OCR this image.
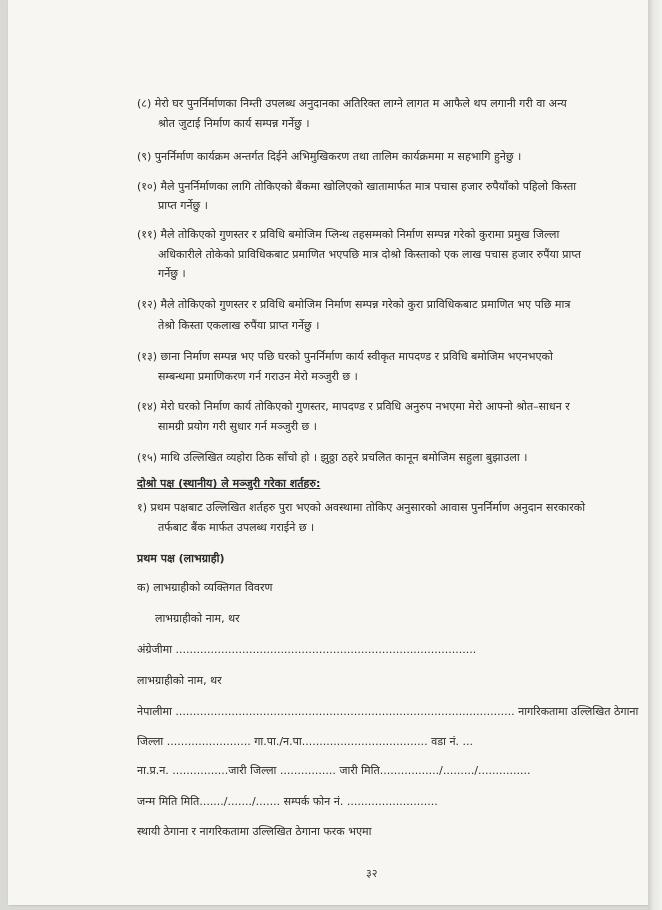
(८) मेरो घर पुनर्निर्माणका निम्ती उपलब्ध अनुदानका अतिरिक्त लाग्ने लागत म आफैले थप लगानी गरी वा अन्य
श्रोत जुटाई निर्माण कार्य सम्पन्न गर्नेछु ।
(९) पुनर्निर्माण कार्यक्रम अन्तर्गत दिईने अभिमुखिकरण तथा तालिम कार्यक्रममा म सहभागि हुनेछु ।
(१०) मैले पुनर्निर्माणका लागि तोकिएको बैंकमा खोलिएको खातामार्फत मात्र पचास हजार रुपैयाँको पहिलो किस्ता
प्राप्त गर्नेछु ।
(११) मैले तोकिएको गुणस्तर र प्रविधि बमोजिम प्लिन्थ तहसम्मको निर्माण सम्पन्न गरेको कुरामा प्रमुख जिल्ला
अधिकारीले तोकेको प्राविधिकबाट प्रमाणित भएपछि मात्र दोश्रो किस्ताको एक लाख पचास हजार रुपैंया प्राप्त
गर्नेछु ।
(१२) मैले तोकिएको गुणस्तर र प्रविधि बमोजिम निर्माण सम्पन्न गरेको कुरा प्राविधिकबाट प्रमाणित भए पछि मात्र
तेश्रो किस्ता एकलाख रुपैंया प्राप्त गर्नेछु ।
(१३) छाना निर्माण सम्पन्न भए पछि घरको पुनर्निर्माण कार्य स्वीकृत मापदण्ड र प्रविधि बमोजिम भएनभएको
सम्बन्धमा प्रमाणिकरण गर्न गराउन मेरो मञ्जुरी छ ।
(१४) मेरो घरको निर्माण कार्य तोकिएको गुणस्तर, मापदण्ड र प्रविधि अनुरुप नभएमा मेरो आफ्नो श्रोत–साधन र
सामग्री प्रयोग गरी सुधार गर्न मञ्जुरी छ ।
(१५) माथि उल्लिखित व्यहोरा ठिक साँचो हो । झुठ्ठा ठहरे प्रचलित कानून बमोजिम सहुला बुझाउला ।
दोश्रो पक्ष (स्थानीय) ले मञ्जुरी गरेका शर्तहरु:
१) प्रथम पक्षबाट उल्लिखित शर्तहरु पुरा भएको अवस्थामा तोकिए अनुसारको आवास पुनर्निर्माण अनुदान सरकारको
तर्फबाट बैंक मार्फत उपलब्ध गराईने छ ।
प्रथम पक्ष (लाभग्राही)
क) लाभग्राहीको व्यक्तिगत विवरण
लाभग्राहीको नाम, थर
अंग्रेजीमा ......................................................................................
लाभग्राहीको नाम, थर
नेपालीमा ................................................................................................. नागरिकतामा उल्लिखित ठेगाना
जिल्ला ........................ गा.पा./न.पा.................................... वडा नं. ...
ना.प्र.न. ................जारी जिल्ला ................ जारी मिति................./........./...............
जन्म मिति मिति......./......./....... सम्पर्क फोन नं. ..........................
स्थायी ठेगाना र नागरिकतामा उल्लिखित ठेगाना फरक भएमा
३२
